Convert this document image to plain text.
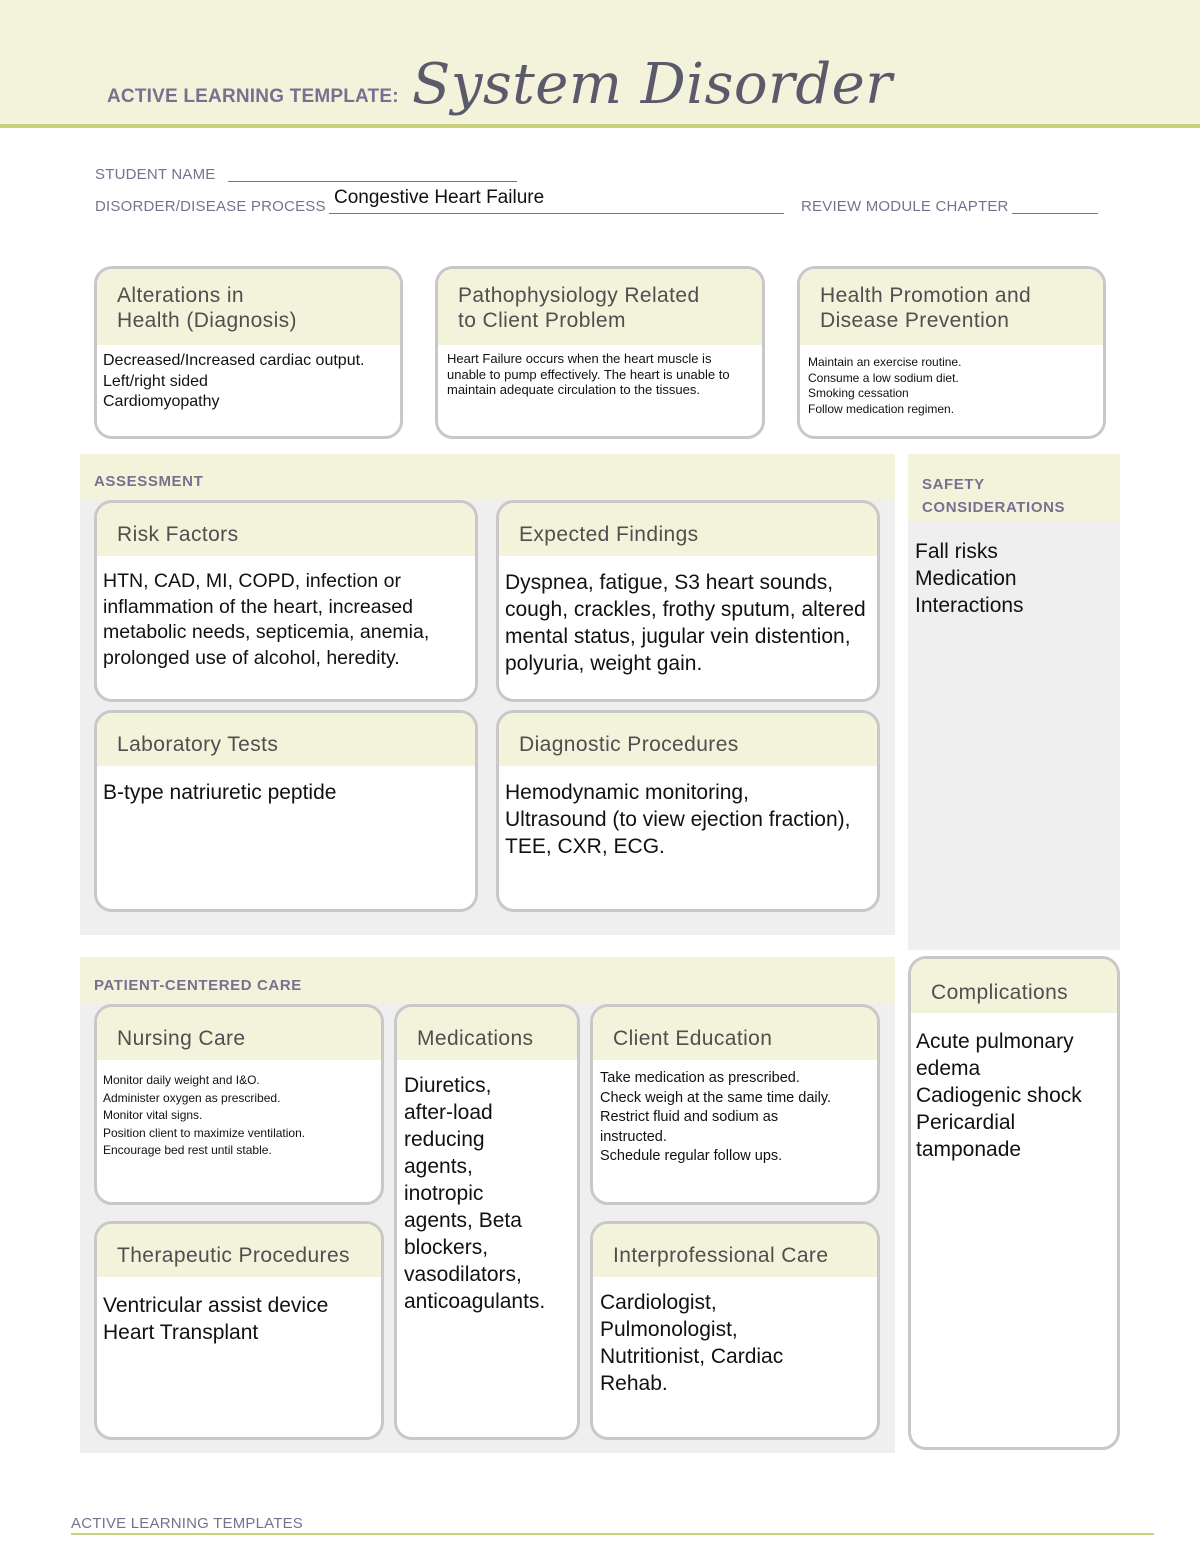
ACTIVE LEARNING TEMPLATE: System Disorder
STUDENT NAME
DISORDER/DISEASE PROCESS Congestive Heart Failure	REVIEW MODULE CHAPTER
Alterations in
Health (Diagnosis)
Decreased/Increased cardiac output.
Left/right sided
Cardiomyopathy
Pathophysiology Related
to Client Problem
Heart Failure occurs when the heart muscle is unable to pump effectively. The heart is unable to maintain adequate circulation to the tissues.
Health Promotion and
Disease Prevention
Maintain an exercise routine.
Consume a low sodium diet.
Smoking cessation
Follow medication regimen.
ASSESSMENT
Risk Factors
HTN, CAD, MI, COPD, infection or inflammation of the heart, increased metabolic needs, septicemia, anemia, prolonged use of alcohol, heredity.
Expected Findings
Dyspnea, fatigue, S3 heart sounds, cough, crackles, frothy sputum, altered mental status, jugular vein distention, polyuria, weight gain.
Laboratory Tests
B-type natriuretic peptide
Diagnostic Procedures
Hemodynamic monitoring,
Ultrasound (to view ejection fraction), TEE, CXR, ECG.
SAFETY
CONSIDERATIONS
Fall risks
Medication
Interactions
PATIENT-CENTERED CARE
Nursing Care
Monitor daily weight and I&O.
Administer oxygen as prescribed.
Monitor vital signs.
Position client to maximize ventilation.
Encourage bed rest until stable.
Medications
Diuretics,
after-load
reducing
agents,
inotropic
agents, Beta
blockers,
vasodilators,
anticoagulants.
Client Education
Take medication as prescribed.
Check weigh at the same time daily.
Restrict fluid and sodium as
instructed.
Schedule regular follow ups.
Therapeutic Procedures
Ventricular assist device
Heart Transplant
Interprofessional Care
Cardiologist,
Pulmonologist,
Nutritionist, Cardiac
Rehab.
Complications
Acute pulmonary
edema
Cadiogenic shock
Pericardial
tamponade
ACTIVE LEARNING TEMPLATES
